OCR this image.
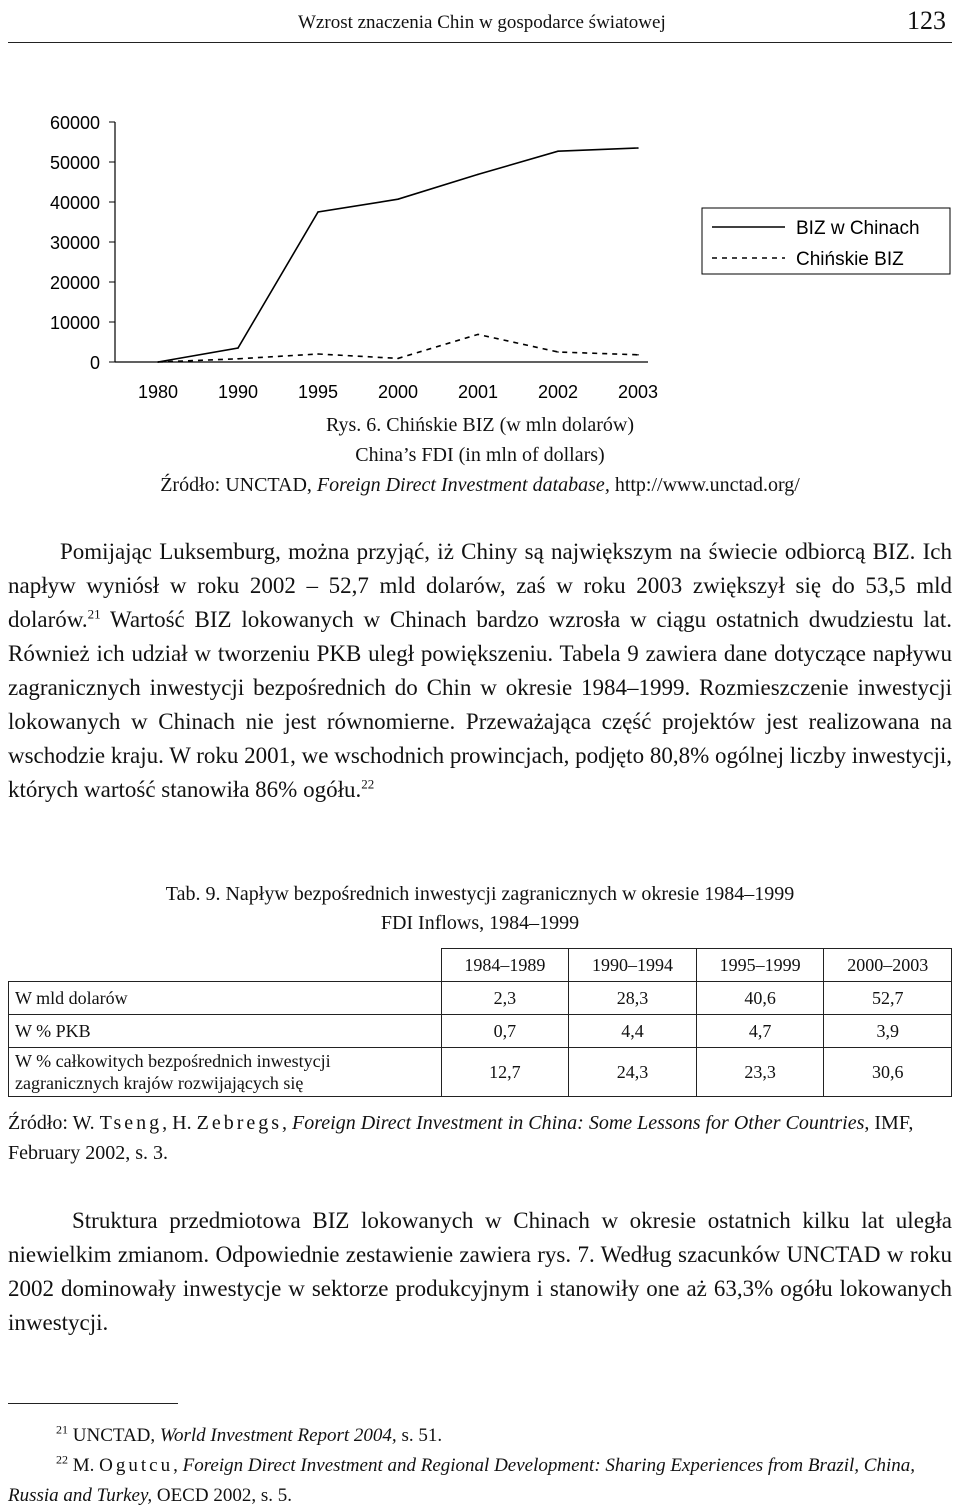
Wzrost znaczenia Chin w gospodarce światowej	123
60000
50000
40000
30000
20000
10000
0
1980 1990 1995 2000 2001 2002 2003
BIZ w Chinach
Chińskie BIZ
Rys. 6. Chińskie BIZ (w mln dolarów)
China’s FDI (in mln of dollars)
Źródło: UNCTAD, Foreign Direct Investment database, http://www.unctad.org/
Pomijając Luksemburg, można przyjąć, iż Chiny są największym na świecie odbiorcą BIZ. Ich napływ wyniósł w roku 2002 – 52,7 mld dolarów, zaś w roku 2003 zwiększył się do 53,5 mld dolarów.$^{21}$ Wartość BIZ lokowanych w Chinach bardzo wzrosła w ciągu ostatnich dwudziestu lat. Również ich udział w tworzeniu PKB uległ powiększeniu. Tabela 9 zawiera dane dotyczące napływu zagranicznych inwestycji bezpośrednich do Chin w okresie 1984–1999. Rozmieszczenie inwestycji lokowanych w Chinach nie jest równomierne. Przeważająca część projektów jest realizowana na wschodzie kraju. W roku 2001, we wschodnich prowincjach, podjęto 80,8% ogólnej liczby inwestycji, których wartość stanowiła 86% ogółu.$^{22}$
Tab. 9. Napływ bezpośrednich inwestycji zagranicznych w okresie 1984–1999
FDI Inflows, 1984–1999
	1984–1989	1990–1994	1995–1999	2000–2003
W mld dolarów	2,3	28,3	40,6	52,7
W % PKB	0,7	4,4	4,7	3,9
W % całkowitych bezpośrednich inwestycji zagranicznych krajów rozwijających się	12,7	24,3	23,3	30,6
Źródło: W. Tseng, H. Zebregs, Foreign Direct Investment in China: Some Lessons for Other Countries, IMF, February 2002, s. 3.
Struktura przedmiotowa BIZ lokowanych w Chinach w okresie ostatnich kilku lat uległa niewielkim zmianom. Odpowiednie zestawienie zawiera rys. 7. Według szacunków UNCTAD w roku 2002 dominowały inwestycje w sektorze produkcyjnym i stanowiły one aż 63,3% ogółu lokowanych inwestycji.
$^{21}$ UNCTAD, World Investment Report 2004, s. 51.
$^{22}$ M. Ogutcu, Foreign Direct Investment and Regional Development: Sharing Experiences from Brazil, China, Russia and Turkey, OECD 2002, s. 5.
